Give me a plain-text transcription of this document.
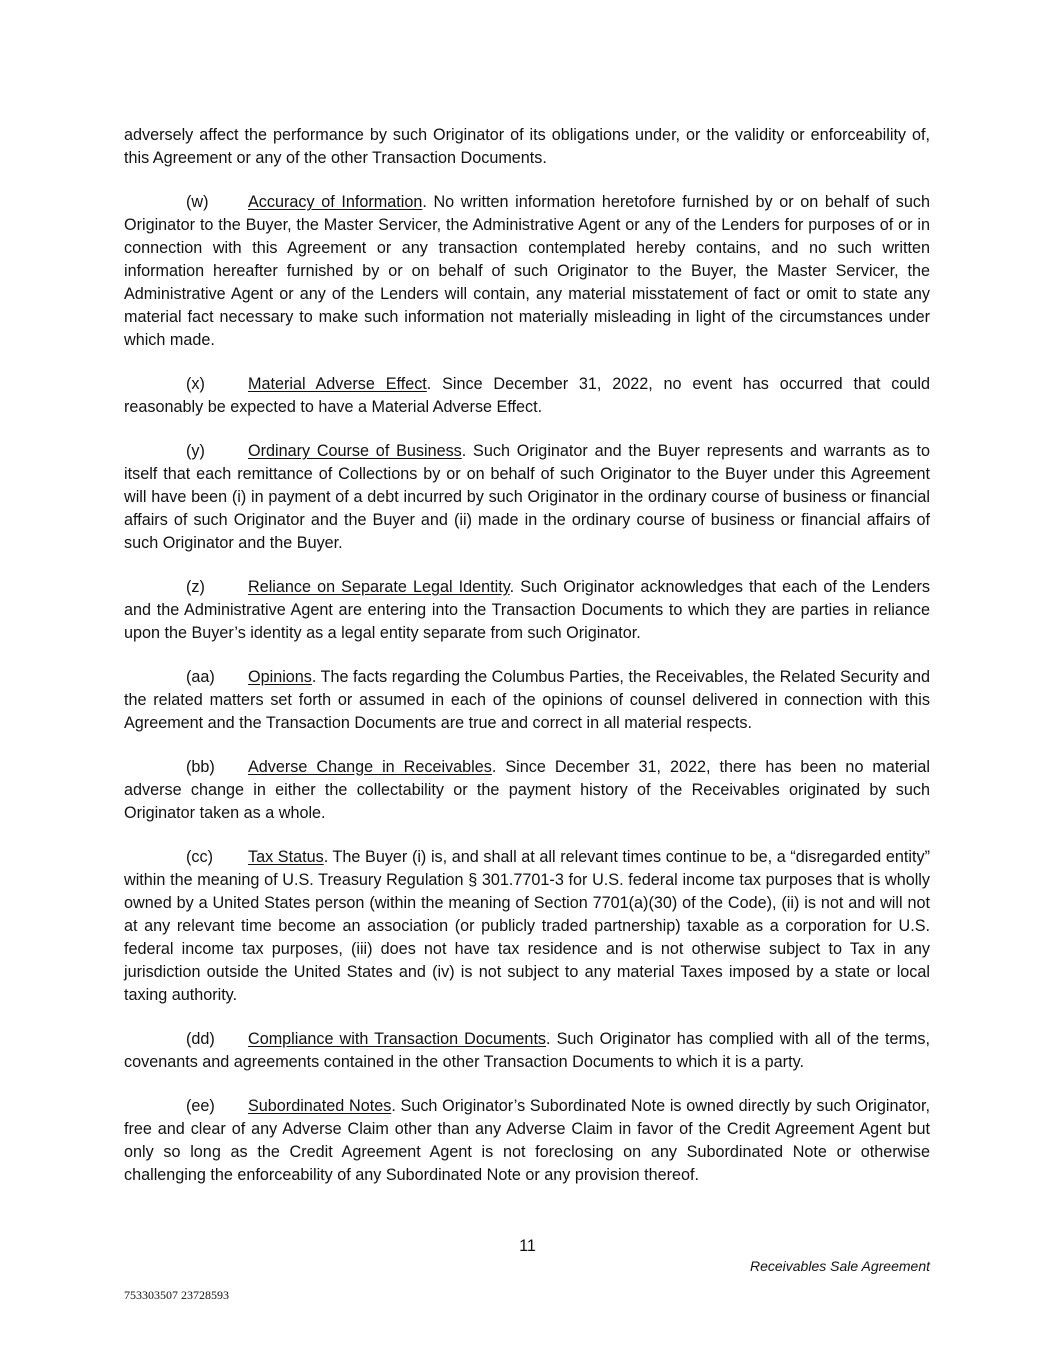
adversely affect the performance by such Originator of its obligations under, or the validity or enforceability of, this Agreement or any of the other Transaction Documents.

(w) Accuracy of Information. No written information heretofore furnished by or on behalf of such Originator to the Buyer, the Master Servicer, the Administrative Agent or any of the Lenders for purposes of or in connection with this Agreement or any transaction contemplated hereby contains, and no such written information hereafter furnished by or on behalf of such Originator to the Buyer, the Master Servicer, the Administrative Agent or any of the Lenders will contain, any material misstatement of fact or omit to state any material fact necessary to make such information not materially misleading in light of the circumstances under which made.

(x)	Material Adverse Effect. Since December 31, 2022, no event has occurred that could reasonably be expected to have a Material Adverse Effect.

(y)	Ordinary Course of Business. Such Originator and the Buyer represents and warrants as to itself that each remittance of Collections by or on behalf of such Originator to the Buyer under this Agreement will have been (i) in payment of a debt incurred by such Originator in the ordinary course of business or financial affairs of such Originator and the Buyer and (ii) made in the ordinary course of business or financial affairs of such Originator and the Buyer.

(z)	Reliance on Separate Legal Identity. Such Originator acknowledges that each of the Lenders and the Administrative Agent are entering into the Transaction Documents to which they are parties in reliance upon the Buyer’s identity as a legal entity separate from such Originator.

(aa) Opinions. The facts regarding the Columbus Parties, the Receivables, the Related Security and the related matters set forth or assumed in each of the opinions of counsel delivered in connection with this Agreement and the Transaction Documents are true and correct in all material respects.

(bb) Adverse Change in Receivables. Since December 31, 2022, there has been no material adverse change in either the collectability or the payment history of the Receivables originated by such Originator taken as a whole.

(cc) Tax Status. The Buyer (i) is, and shall at all relevant times continue to be, a “disregarded entity” within the meaning of U.S. Treasury Regulation § 301.7701-3 for U.S. federal income tax purposes that is wholly owned by a United States person (within the meaning of Section 7701(a)(30) of the Code), (ii) is not and will not at any relevant time become an association (or publicly traded partnership) taxable as a corporation for U.S. federal income tax purposes, (iii) does not have tax residence and is not otherwise subject to Tax in any jurisdiction outside the United States and (iv) is not subject to any material Taxes imposed by a state or local taxing authority.

(dd) Compliance with Transaction Documents. Such Originator has complied with all of the terms, covenants and agreements contained in the other Transaction Documents to which it is a party.

(ee) Subordinated Notes. Such Originator’s Subordinated Note is owned directly by such Originator, free and clear of any Adverse Claim other than any Adverse Claim in favor of the Credit Agreement Agent but only so long as the Credit Agreement Agent is not foreclosing on any Subordinated Note or otherwise challenging the enforceability of any Subordinated Note or any provision thereof.

11
Receivables Sale Agreement
753303507 23728593
